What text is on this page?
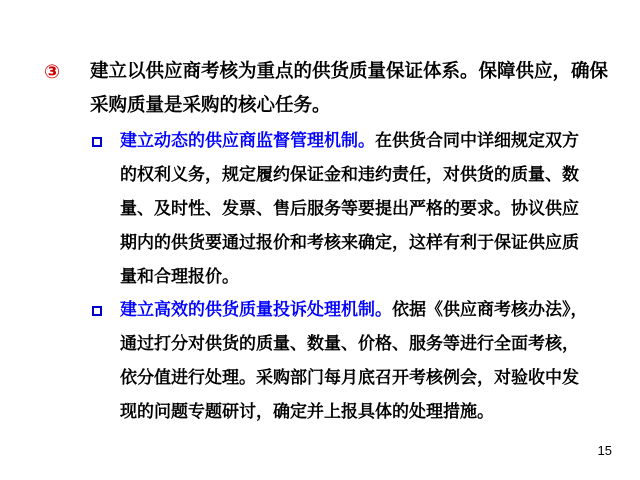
③ 建立以供应商考核为重点的供货质量保证体系。保障供应，确保采购质量是采购的核心任务。
建立动态的供应商监督管理机制。在供货合同中详细规定双方的权利义务，规定履约保证金和违约责任，对供货的质量、数量、及时性、发票、售后服务等要提出严格的要求。协议供应期内的供货要通过报价和考核来确定，这样有利于保证供应质量和合理报价。
建立高效的供货质量投诉处理机制。依据《供应商考核办法》，通过打分对供货的质量、数量、价格、服务等进行全面考核，依分值进行处理。采购部门每月底召开考核例会，对验收中发现的问题专题研讨，确定并上报具体的处理措施。
15
